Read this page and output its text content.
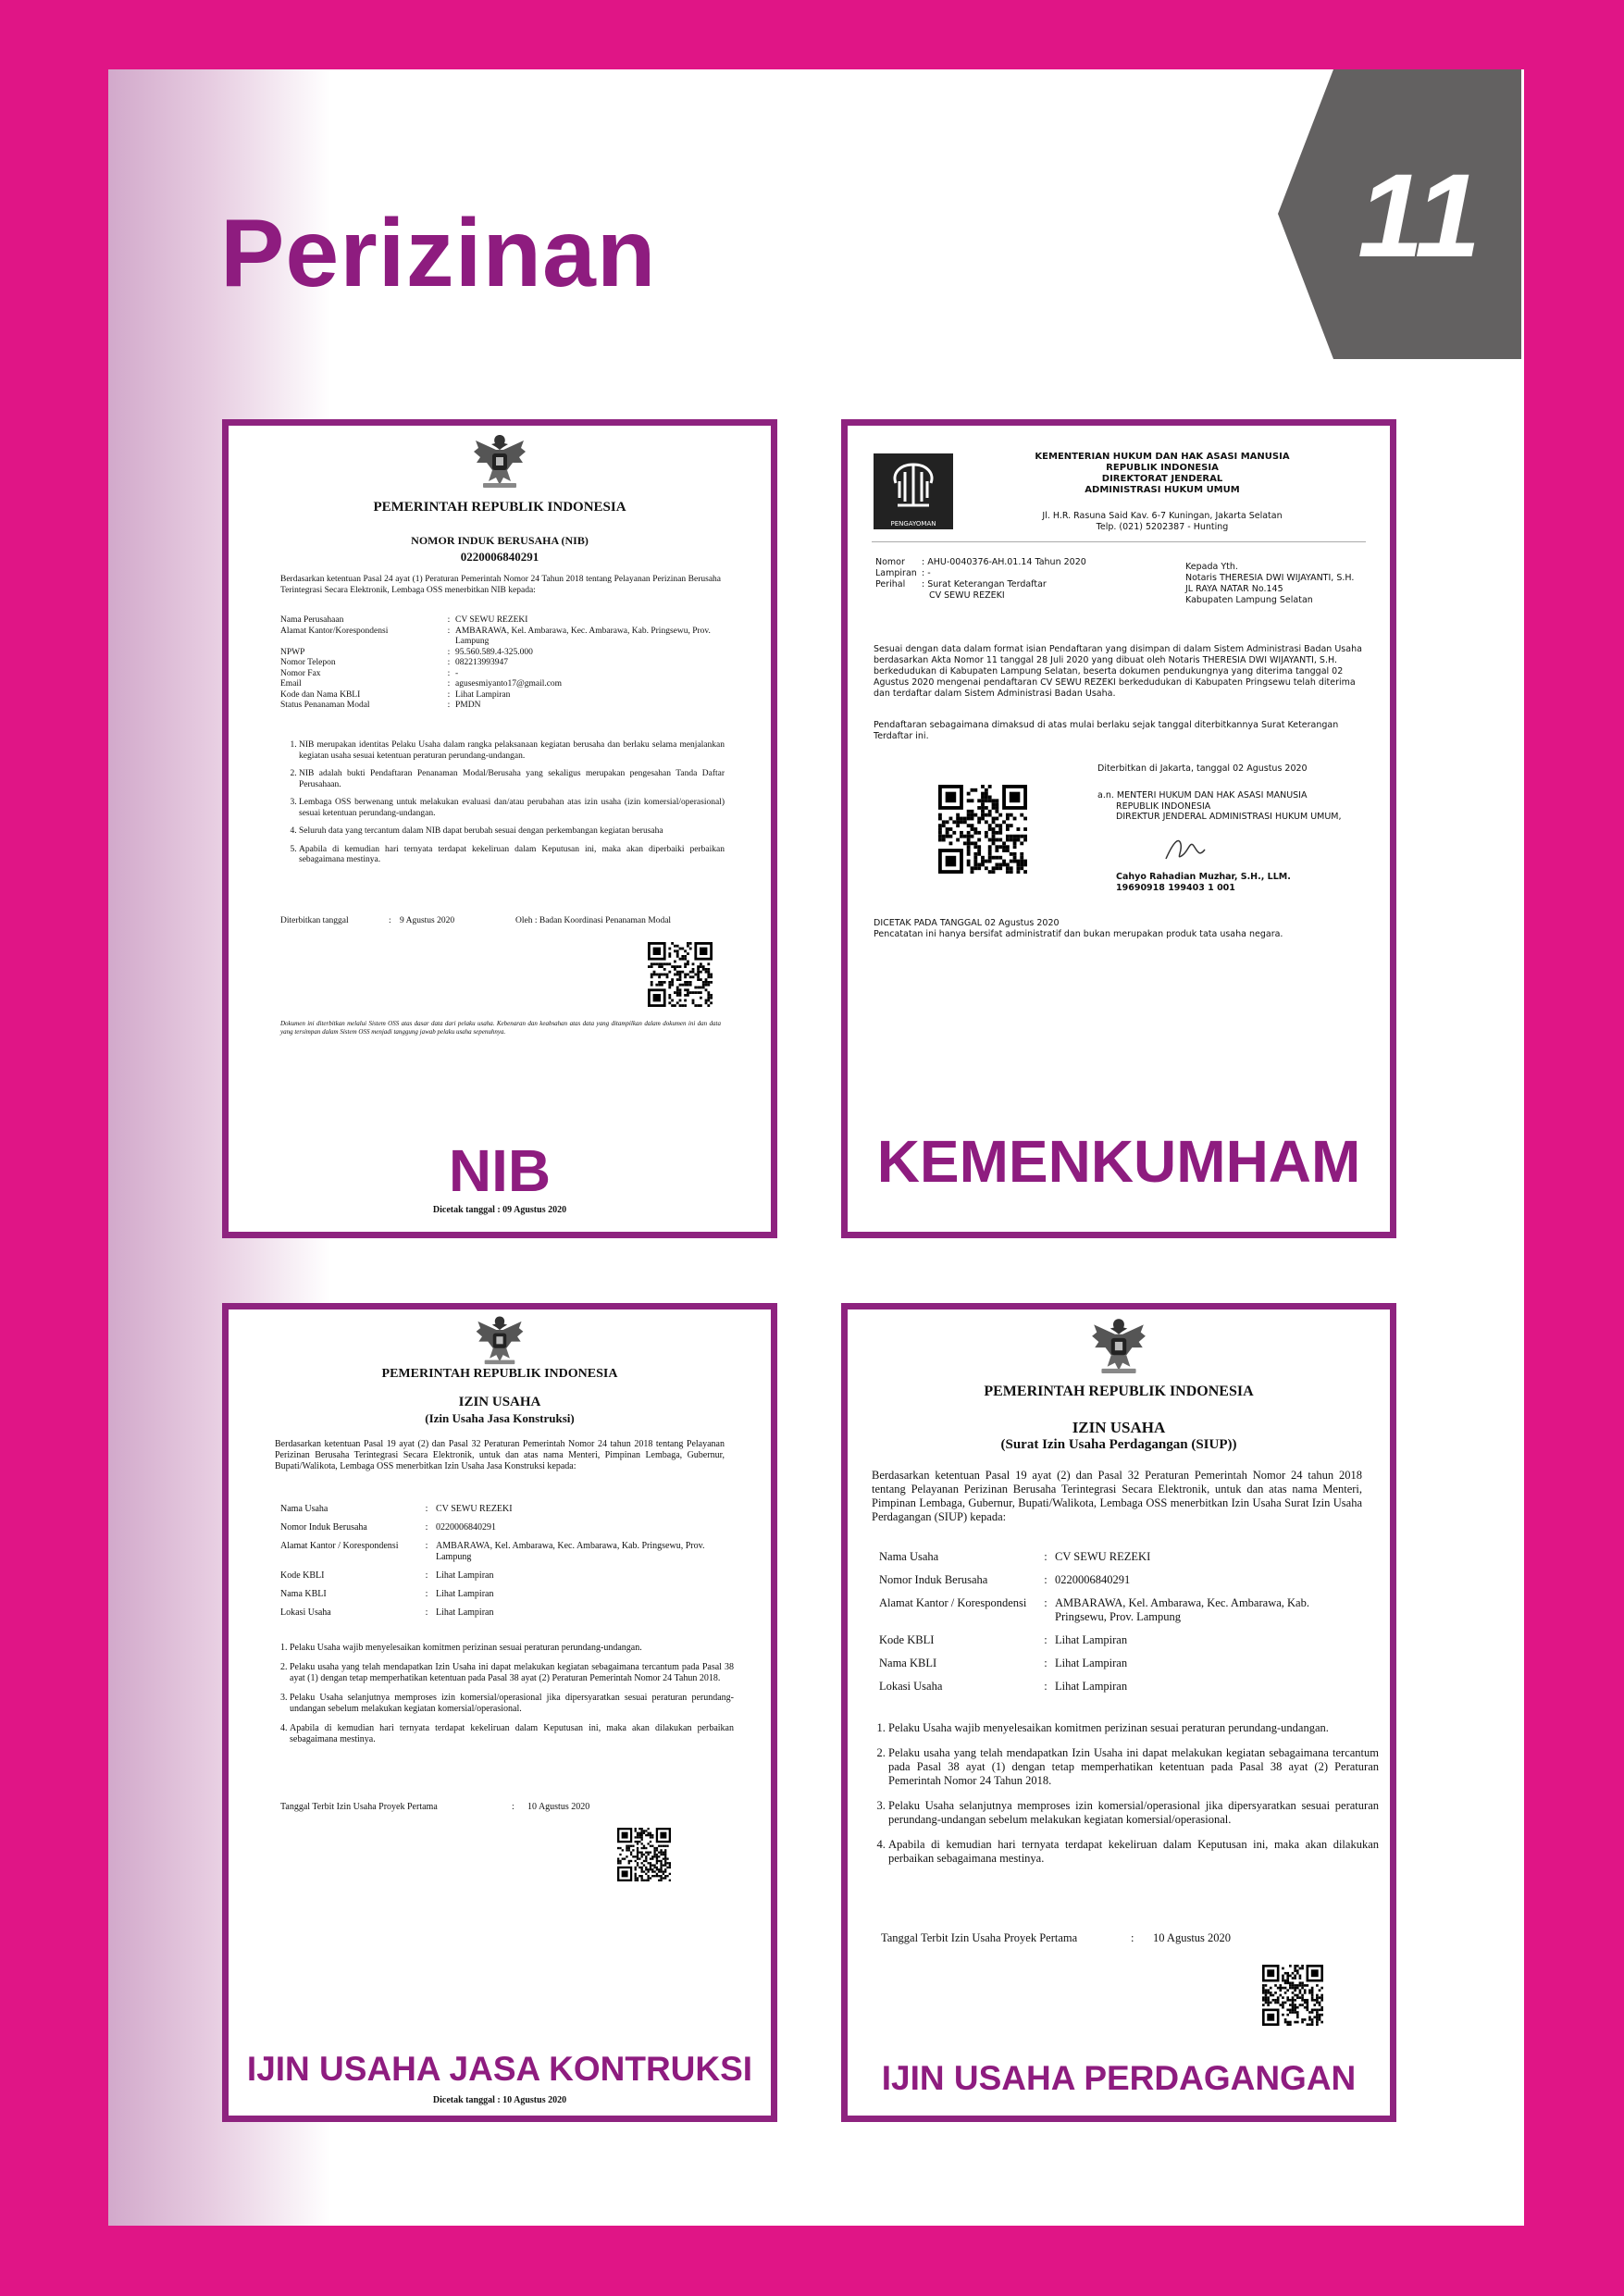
Perizinan	11
PEMERINTAH REPUBLIK INDONESIA
NOMOR INDUK BERUSAHA (NIB)
0220006840291
Berdasarkan ketentuan Pasal 24 ayat (1) Peraturan Pemerintah Nomor 24 Tahun 2018 tentang Pelayanan Perizinan Berusaha Terintegrasi Secara Elektronik, Lembaga OSS menerbitkan NIB kepada:
Nama Perusahaan	:	CV SEWU REZEKI
Alamat Kantor/Korespondensi	:	AMBARAWA, Kel. Ambarawa, Kec. Ambarawa, Kab. Pringsewu, Prov. Lampung
NPWP	:	95.560.589.4-325.000
Nomor Telepon	:	082213993947
Nomor Fax	:	-
Email	:	agusesmiyanto17@gmail.com
Kode dan Nama KBLI	:	Lihat Lampiran
Status Penanaman Modal	:	PMDN
1. NIB merupakan identitas Pelaku Usaha dalam rangka pelaksanaan kegiatan berusaha dan berlaku selama menjalankan kegiatan usaha sesuai ketentuan peraturan perundang-undangan.
2. NIB adalah bukti Pendaftaran Penanaman Modal/Berusaha yang sekaligus merupakan pengesahan Tanda Daftar Perusahaan.
3. Lembaga OSS berwenang untuk melakukan evaluasi dan/atau perubahan atas izin usaha (izin komersial/operasional) sesuai ketentuan perundang-undangan.
4. Seluruh data yang tercantum dalam NIB dapat berubah sesuai dengan perkembangan kegiatan berusaha
5. Apabila di kemudian hari ternyata terdapat kekeliruan dalam Keputusan ini, maka akan diperbaiki perbaikan sebagaimana mestinya.
Diterbitkan tanggal	: 9 Agustus 2020	Oleh : Badan Koordinasi Penanaman Modal
Dokumen ini diterbitkan melalui Sistem OSS atas dasar data dari pelaku usaha. Kebenaran dan keabsahan atas data yang ditampilkan dalam dokumen ini dan data yang tersimpan dalam Sistem OSS menjadi tanggung jawab pelaku usaha sepenuhnya.
NIB
Dicetak tanggal : 09 Agustus 2020
PENGAYOMAN
KEMENTERIAN HUKUM DAN HAK ASASI MANUSIA
REPUBLIK INDONESIA
DIREKTORAT JENDERAL
ADMINISTRASI HUKUM UMUM
Jl. H.R. Rasuna Said Kav. 6-7 Kuningan, Jakarta Selatan
Telp. (021) 5202387 - Hunting
Nomor	: AHU-0040376-AH.01.14 Tahun 2020
Lampiran	: -
Perihal	: Surat Keterangan Terdaftar
	CV SEWU REZEKI
Kepada Yth.
Notaris THERESIA DWI WIJAYANTI, S.H.
JL RAYA NATAR No.145
Kabupaten Lampung Selatan
Sesuai dengan data dalam format isian Pendaftaran yang disimpan di dalam Sistem Administrasi Badan Usaha berdasarkan Akta Nomor 11 tanggal 28 Juli 2020 yang dibuat oleh Notaris THERESIA DWI WIJAYANTI, S.H. berkedudukan di Kabupaten Lampung Selatan, beserta dokumen pendukungnya yang diterima tanggal 02 Agustus 2020 mengenai pendaftaran CV SEWU REZEKI berkedudukan di Kabupaten Pringsewu telah diterima dan terdaftar dalam Sistem Administrasi Badan Usaha.
Pendaftaran sebagaimana dimaksud di atas mulai berlaku sejak tanggal diterbitkannya Surat Keterangan Terdaftar ini.
Diterbitkan di Jakarta, tanggal 02 Agustus 2020
a.n. MENTERI HUKUM DAN HAK ASASI MANUSIA
REPUBLIK INDONESIA
DIREKTUR JENDERAL ADMINISTRASI HUKUM UMUM,
Cahyo Rahadian Muzhar, S.H., LLM.
19690918 199403 1 001
DICETAK PADA TANGGAL 02 Agustus 2020
Pencatatan ini hanya bersifat administratif dan bukan merupakan produk tata usaha negara.
KEMENKUMHAM
PEMERINTAH REPUBLIK INDONESIA
IZIN USAHA
(Izin Usaha Jasa Konstruksi)
Berdasarkan ketentuan Pasal 19 ayat (2) dan Pasal 32 Peraturan Pemerintah Nomor 24 tahun 2018 tentang Pelayanan Perizinan Berusaha Terintegrasi Secara Elektronik, untuk dan atas nama Menteri, Pimpinan Lembaga, Gubernur, Bupati/Walikota, Lembaga OSS menerbitkan Izin Usaha Jasa Konstruksi kepada:
Nama Usaha	:	CV SEWU REZEKI
Nomor Induk Berusaha	:	0220006840291
Alamat Kantor / Korespondensi	:	AMBARAWA, Kel. Ambarawa, Kec. Ambarawa, Kab. Pringsewu, Prov. Lampung
Kode KBLI	:	Lihat Lampiran
Nama KBLI	:	Lihat Lampiran
Lokasi Usaha	:	Lihat Lampiran
1. Pelaku Usaha wajib menyelesaikan komitmen perizinan sesuai peraturan perundang-undangan.
2. Pelaku usaha yang telah mendapatkan Izin Usaha ini dapat melakukan kegiatan sebagaimana tercantum pada Pasal 38 ayat (1) dengan tetap memperhatikan ketentuan pada Pasal 38 ayat (2) Peraturan Pemerintah Nomor 24 Tahun 2018.
3. Pelaku Usaha selanjutnya memproses izin komersial/operasional jika dipersyaratkan sesuai peraturan perundang-undangan sebelum melakukan kegiatan komersial/operasional.
4. Apabila di kemudian hari ternyata terdapat kekeliruan dalam Keputusan ini, maka akan dilakukan perbaikan sebagaimana mestinya.
Tanggal Terbit Izin Usaha Proyek Pertama	: 10 Agustus 2020
IJIN USAHA JASA KONTRUKSI
Dicetak tanggal : 10 Agustus 2020
PEMERINTAH REPUBLIK INDONESIA
IZIN USAHA
(Surat Izin Usaha Perdagangan (SIUP))
Berdasarkan ketentuan Pasal 19 ayat (2) dan Pasal 32 Peraturan Pemerintah Nomor 24 tahun 2018 tentang Pelayanan Perizinan Berusaha Terintegrasi Secara Elektronik, untuk dan atas nama Menteri, Pimpinan Lembaga, Gubernur, Bupati/Walikota, Lembaga OSS menerbitkan Izin Usaha Surat Izin Usaha Perdagangan (SIUP) kepada:
Nama Usaha	:	CV SEWU REZEKI
Nomor Induk Berusaha	:	0220006840291
Alamat Kantor / Korespondensi	:	AMBARAWA, Kel. Ambarawa, Kec. Ambarawa, Kab. Pringsewu, Prov. Lampung
Kode KBLI	:	Lihat Lampiran
Nama KBLI	:	Lihat Lampiran
Lokasi Usaha	:	Lihat Lampiran
1. Pelaku Usaha wajib menyelesaikan komitmen perizinan sesuai peraturan perundang-undangan.
2. Pelaku usaha yang telah mendapatkan Izin Usaha ini dapat melakukan kegiatan sebagaimana tercantum pada Pasal 38 ayat (1) dengan tetap memperhatikan ketentuan pada Pasal 38 ayat (2) Peraturan Pemerintah Nomor 24 Tahun 2018.
3. Pelaku Usaha selanjutnya memproses izin komersial/operasional jika dipersyaratkan sesuai peraturan perundang-undangan sebelum melakukan kegiatan komersial/operasional.
4. Apabila di kemudian hari ternyata terdapat kekeliruan dalam Keputusan ini, maka akan dilakukan perbaikan sebagaimana mestinya.
Tanggal Terbit Izin Usaha Proyek Pertama	: 10 Agustus 2020
IJIN USAHA PERDAGANGAN
